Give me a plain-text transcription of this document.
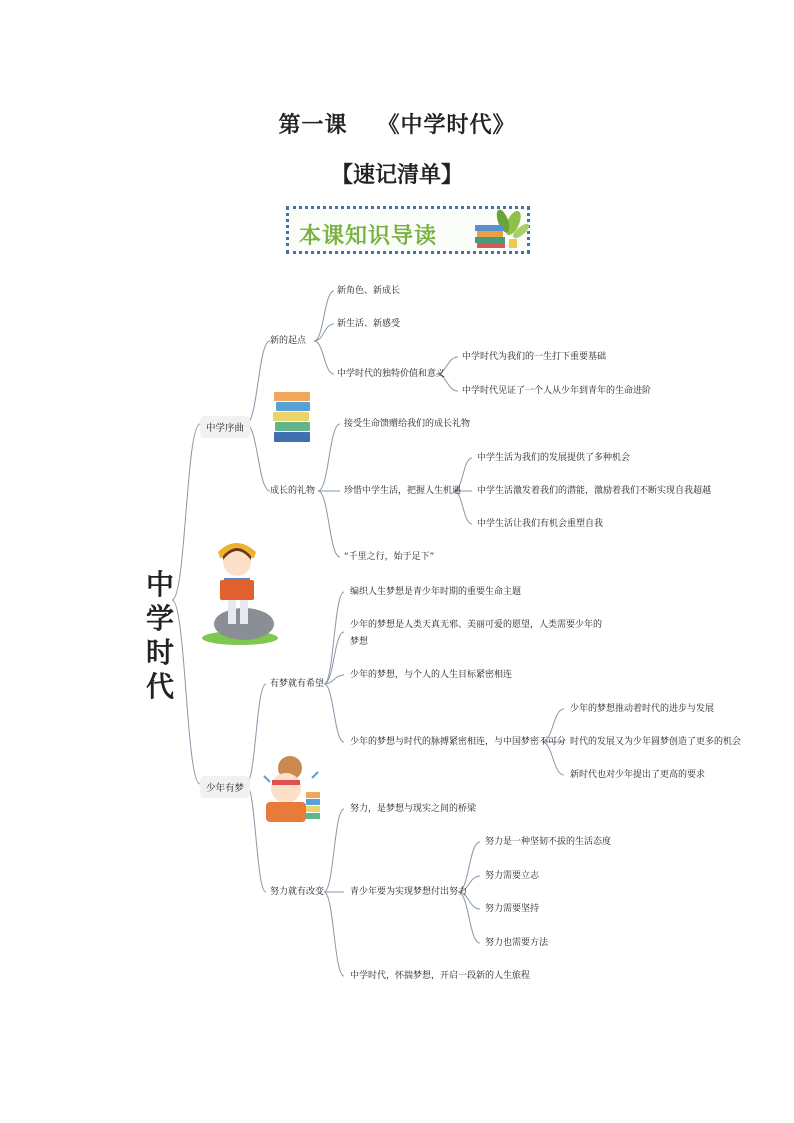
第一课 《中学时代》
【速记清单】
本课知识导读
中
学
时
代
中学序曲
少年有梦
新的起点
新角色、新成长
新生活、新感受
中学时代的独特价值和意义
中学时代为我们的一生打下重要基础
中学时代见证了一个人从少年到青年的生命进阶
成长的礼物
接受生命馈赠给我们的成长礼物
珍惜中学生活，把握人生机遇
“千里之行，始于足下”
中学生活为我们的发展提供了多种机会
中学生活激发着我们的潜能，激励着我们不断实现自我超越
中学生活让我们有机会重塑自我
有梦就有希望
编织人生梦想是青少年时期的重要生命主题
少年的梦想是人类天真无邪、美丽可爱的愿望，人类需要少年的
梦想
少年的梦想，与个人的人生目标紧密相连
少年的梦想与时代的脉搏紧密相连，与中国梦密不可分
少年的梦想推动着时代的进步与发展
时代的发展又为少年圆梦创造了更多的机会
新时代也对少年提出了更高的要求
努力就有改变
努力，是梦想与现实之间的桥梁
青少年要为实现梦想付出努力
中学时代，怀揣梦想，开启一段新的人生旅程
努力是一种坚韧不拔的生活态度
努力需要立志
努力需要坚持
努力也需要方法
